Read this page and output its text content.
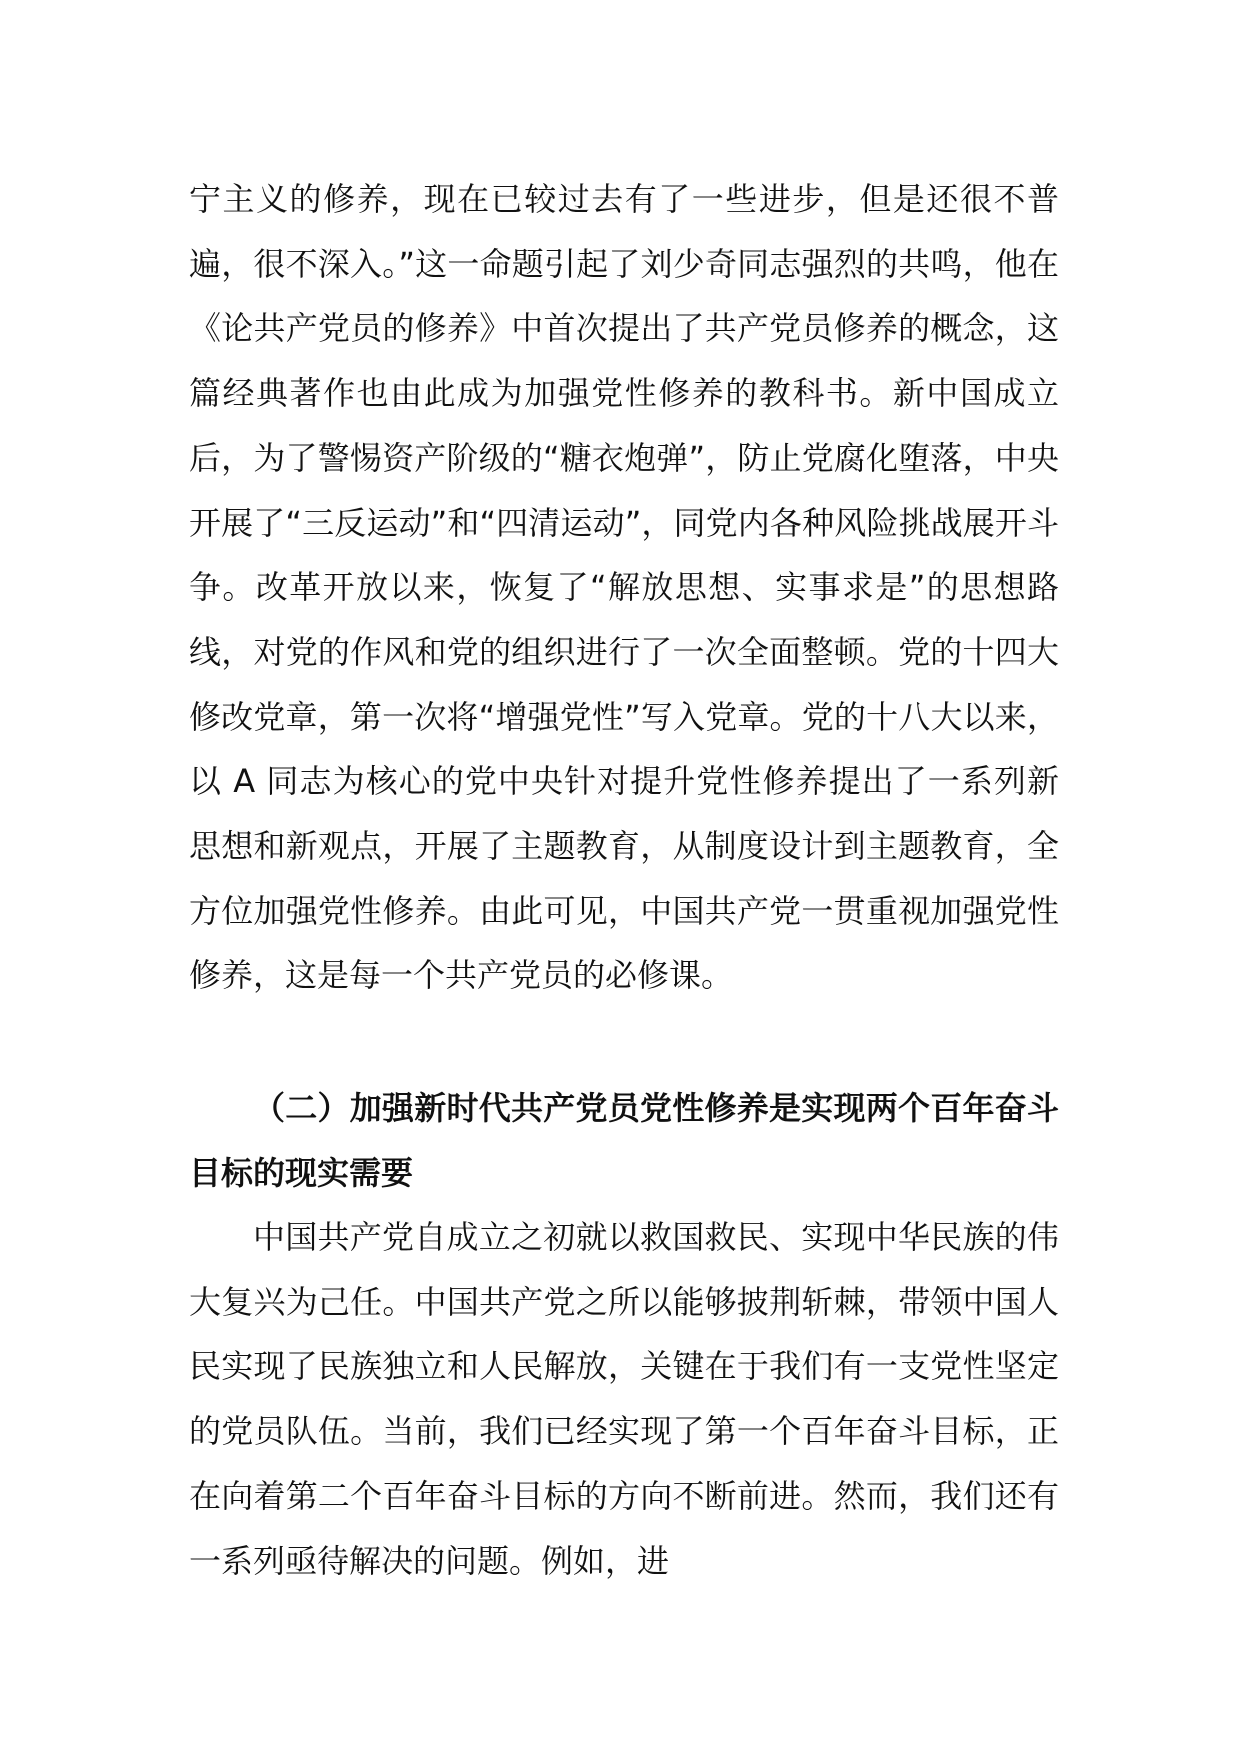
宁主义的修养，现在已较过去有了一些进步，但是还很不普遍，很不深入。”这一命题引起了刘少奇同志强烈的共鸣，他在《论共产党员的修养》中首次提出了共产党员修养的概念，这篇经典著作也由此成为加强党性修养的教科书。新中国成立后，为了警惕资产阶级的“糖衣炮弹”，防止党腐化堕落，中央开展了“三反运动”和“四清运动”，同党内各种风险挑战展开斗争。改革开放以来，恢复了“解放思想、实事求是”的思想路线，对党的作风和党的组织进行了一次全面整顿。党的十四大修改党章，第一次将“增强党性”写入党章。党的十八大以来，以 A 同志为核心的党中央针对提升党性修养提出了一系列新思想和新观点，开展了主题教育，从制度设计到主题教育，全方位加强党性修养。由此可见，中国共产党一贯重视加强党性修养，这是每一个共产党员的必修课。

（二）加强新时代共产党员党性修养是实现两个百年奋斗目标的现实需要

中国共产党自成立之初就以救国救民、实现中华民族的伟大复兴为己任。中国共产党之所以能够披荆斩棘，带领中国人民实现了民族独立和人民解放，关键在于我们有一支党性坚定的党员队伍。当前，我们已经实现了第一个百年奋斗目标，正在向着第二个百年奋斗目标的方向不断前进。然而，我们还有一系列亟待解决的问题。例如，进
